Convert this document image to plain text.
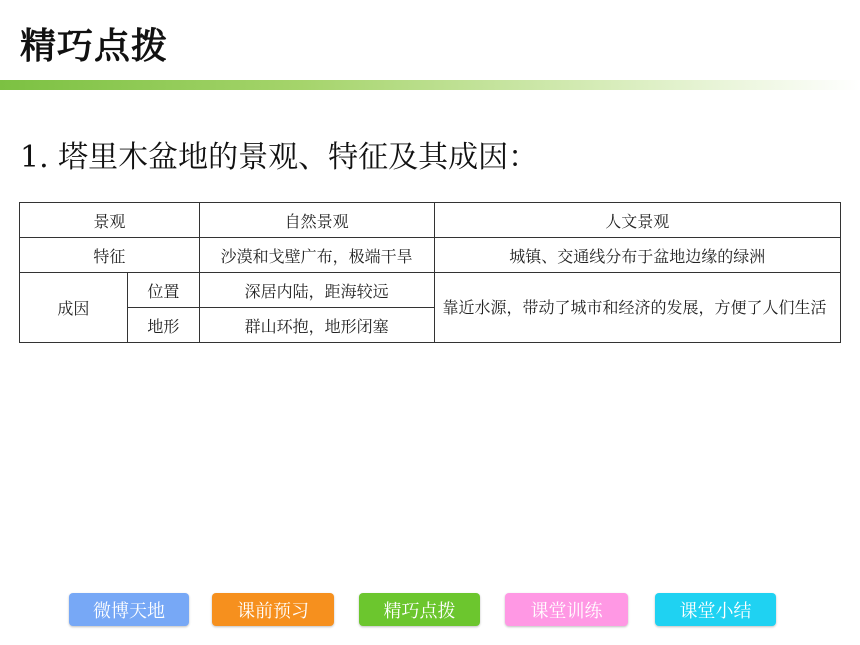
精巧点拨
1. 塔里木盆地的景观、特征及其成因：
景观		自然景观	人文景观
特征		沙漠和戈壁广布，极端干旱	城镇、交通线分布于盆地边缘的绿洲
成因	位置	深居内陆，距海较远	靠近水源，带动了城市和经济的发展，方便了人们生活
	地形	群山环抱，地形闭塞	
微博天地	课前预习	精巧点拨	课堂训练	课堂小结
